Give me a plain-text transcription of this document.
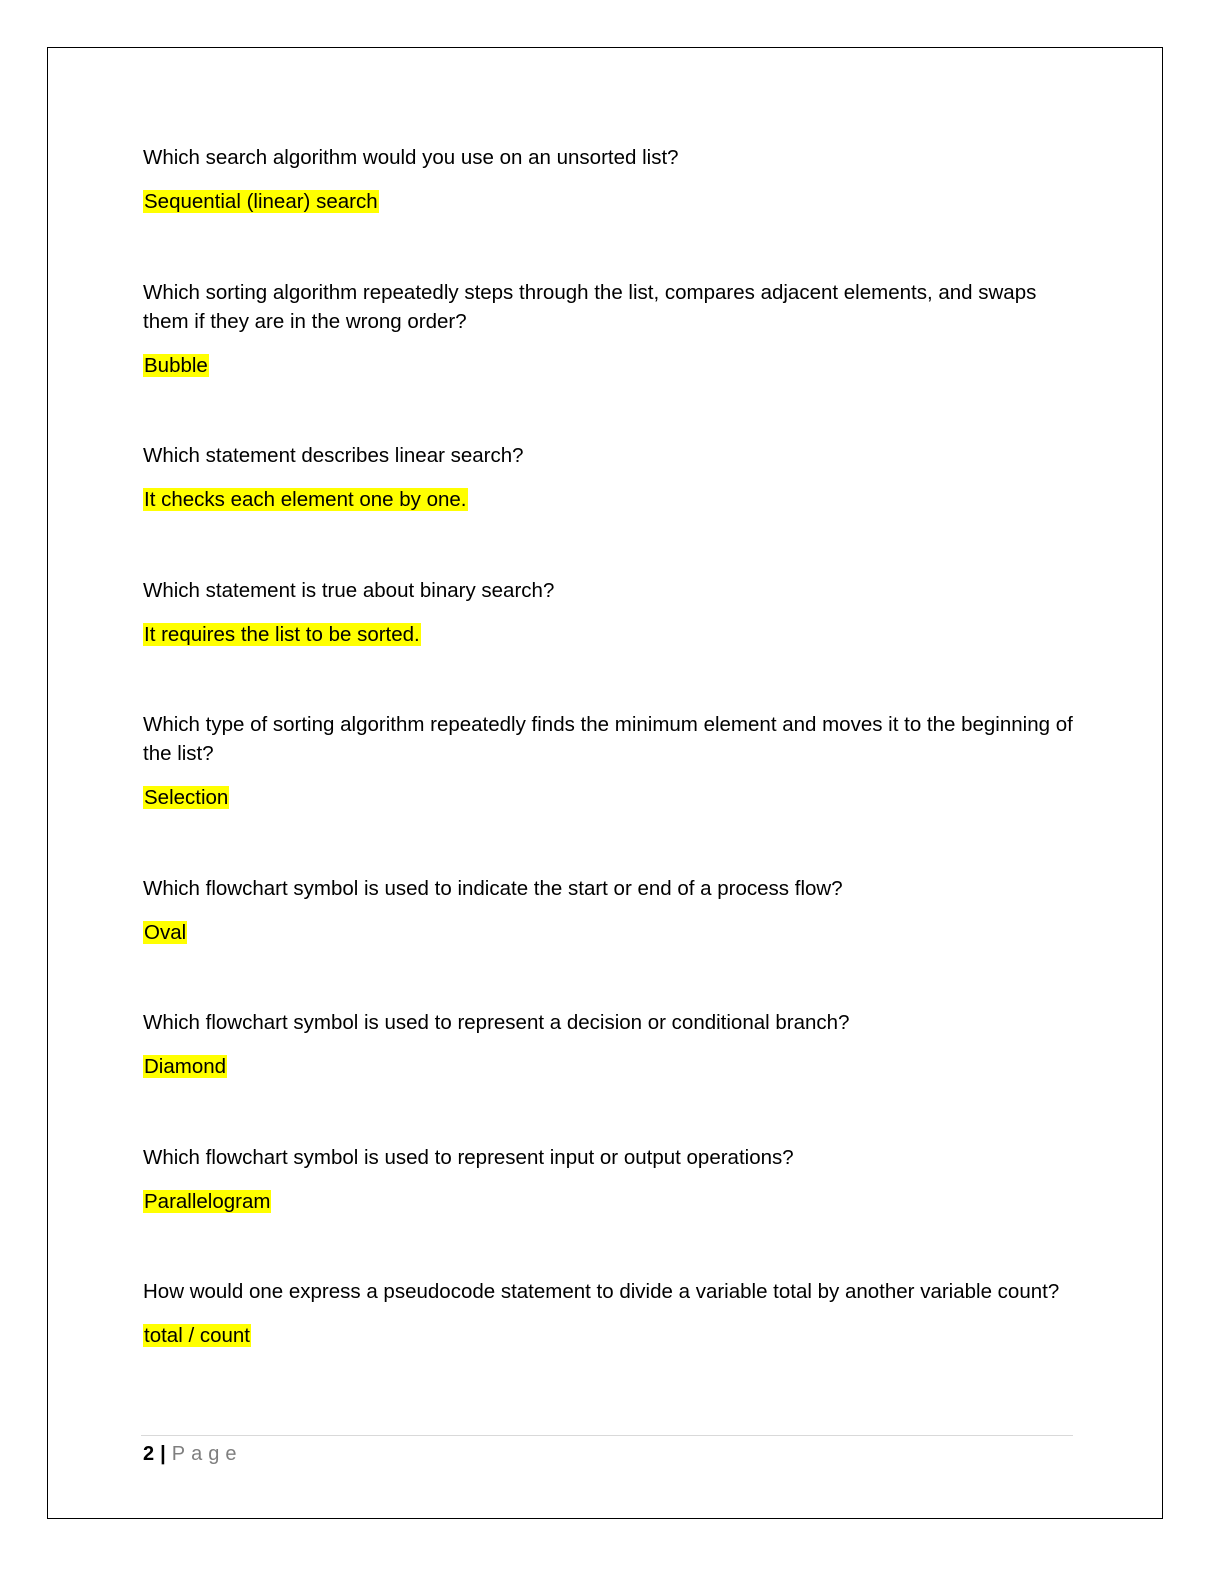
Which search algorithm would you use on an unsorted list?

Sequential (linear) search

Which sorting algorithm repeatedly steps through the list, compares adjacent elements, and swaps them if they are in the wrong order?

Bubble

Which statement describes linear search?

It checks each element one by one.

Which statement is true about binary search?

It requires the list to be sorted.

Which type of sorting algorithm repeatedly finds the minimum element and moves it to the beginning of the list?

Selection

Which flowchart symbol is used to indicate the start or end of a process flow?

Oval

Which flowchart symbol is used to represent a decision or conditional branch?

Diamond

Which flowchart symbol is used to represent input or output operations?

Parallelogram

How would one express a pseudocode statement to divide a variable total by another variable count?

total / count
2 | Page
